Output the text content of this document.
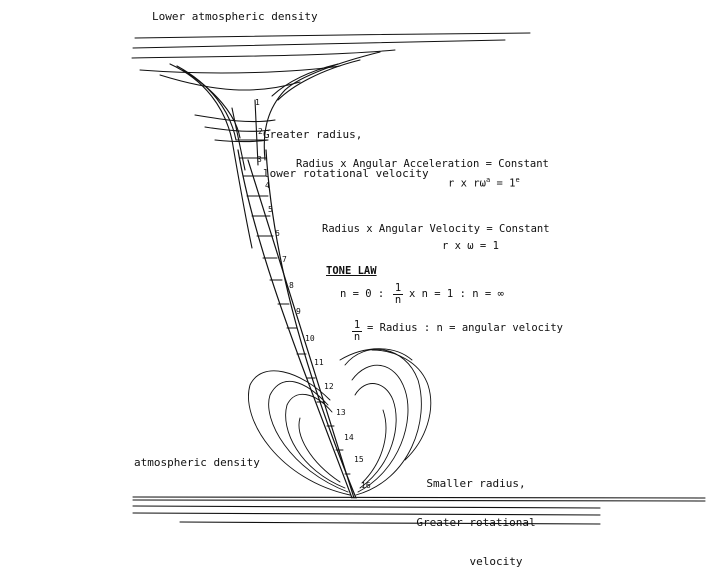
1
2
3
4
5
6
7
8
9
10
11
12
13
14
15
16
Lower atmospheric density

Greater radius,

lower rotational velocity

Radius x Angular Acceleration = Constant
r x $r\omega^a = 1^e$
Radius x Angular Velocity = Constant
r x ω = 1
TONE LAW
n = 0 : $\frac{1}{n}$ x n = 1 : n = ∞
$\frac{1}{n}$ = Radius : n = angular velocity
atmospheric density

Smaller radius,

Greater rotational

velocity
